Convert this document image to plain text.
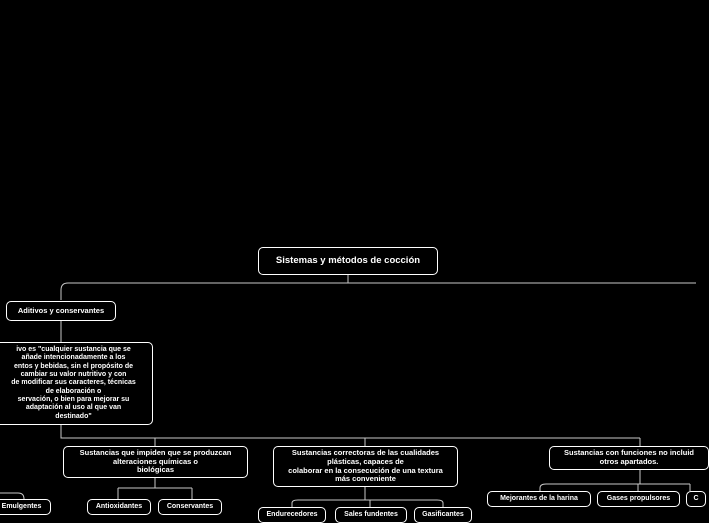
Sistemas y métodos de cocción
Aditivos y conservantes
ivo es "cualquier sustancia que se
añade intencionadamente a los
entos y bebidas, sin el propósito de
cambiar su valor nutritivo y con
de modificar sus caracteres, técnicas
de elaboración o
servación, o bien para mejorar su
adaptación al uso al que van
destinado"
Sustancias que impiden que se produzcan
alteraciones químicas o
biológicas
Sustancias correctoras de las cualidades
plásticas, capaces de
colaborar en la consecución de una textura
más conveniente
Sustancias con funciones no incluid
otros apartados.
Emulgentes	Antioxidantes	Conservantes
Endurecedores	Sales fundentes	Gasificantes
Mejorantes de la harina	Gases propulsores	C
